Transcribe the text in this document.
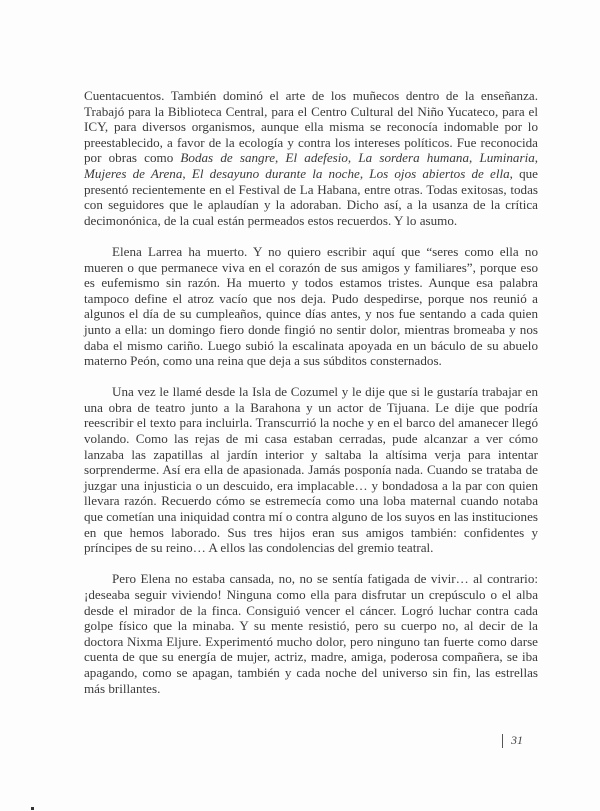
Cuentacuentos. También dominó el arte de los muñecos dentro de la enseñanza. Trabajó para la Biblioteca Central, para el Centro Cultural del Niño Yucateco, para el ICY, para diversos organismos, aunque ella misma se reconocía indomable por lo preestablecido, a favor de la ecología y contra los intereses políticos. Fue reconocida por obras como Bodas de sangre, El adefesio, La sordera humana, Luminaria, Mujeres de Arena, El desayuno durante la noche, Los ojos abiertos de ella, que presentó recientemente en el Festival de La Habana, entre otras. Todas exitosas, todas con seguidores que le aplaudían y la adoraban. Dicho así, a la usanza de la crítica decimonónica, de la cual están permeados estos recuerdos. Y lo asumo.

Elena Larrea ha muerto. Y no quiero escribir aquí que “seres como ella no mueren o que permanece viva en el corazón de sus amigos y familiares”, porque eso es eufemismo sin razón. Ha muerto y todos estamos tristes. Aunque esa palabra tampoco define el atroz vacío que nos deja. Pudo despedirse, porque nos reunió a algunos el día de su cumpleaños, quince días antes, y nos fue sentando a cada quien junto a ella: un domingo fiero donde fingió no sentir dolor, mientras bromeaba y nos daba el mismo cariño. Luego subió la escalinata apoyada en un báculo de su abuelo materno Peón, como una reina que deja a sus súbditos consternados.

Una vez le llamé desde la Isla de Cozumel y le dije que si le gustaría trabajar en una obra de teatro junto a la Barahona y un actor de Tijuana. Le dije que podría reescribir el texto para incluirla. Transcurrió la noche y en el barco del amanecer llegó volando. Como las rejas de mi casa estaban cerradas, pude alcanzar a ver cómo lanzaba las zapatillas al jardín interior y saltaba la altísima verja para intentar sorprenderme. Así era ella de apasionada. Jamás posponía nada. Cuando se trataba de juzgar una injusticia o un descuido, era implacable… y bondadosa a la par con quien llevara razón. Recuerdo cómo se estremecía como una loba maternal cuando notaba que cometían una iniquidad contra mí o contra alguno de los suyos en las instituciones en que hemos laborado. Sus tres hijos eran sus amigos también: confidentes y príncipes de su reino… A ellos las condolencias del gremio teatral.

Pero Elena no estaba cansada, no, no se sentía fatigada de vivir… al contrario: ¡deseaba seguir viviendo! Ninguna como ella para disfrutar un crepúsculo o el alba desde el mirador de la finca. Consiguió vencer el cáncer. Logró luchar contra cada golpe físico que la minaba. Y su mente resistió, pero su cuerpo no, al decir de la doctora Nixma Eljure. Experimentó mucho dolor, pero ninguno tan fuerte como darse cuenta de que su energía de mujer, actriz, madre, amiga, poderosa compañera, se iba apagando, como se apagan, también y cada noche del universo sin fin, las estrellas más brillantes.

31
